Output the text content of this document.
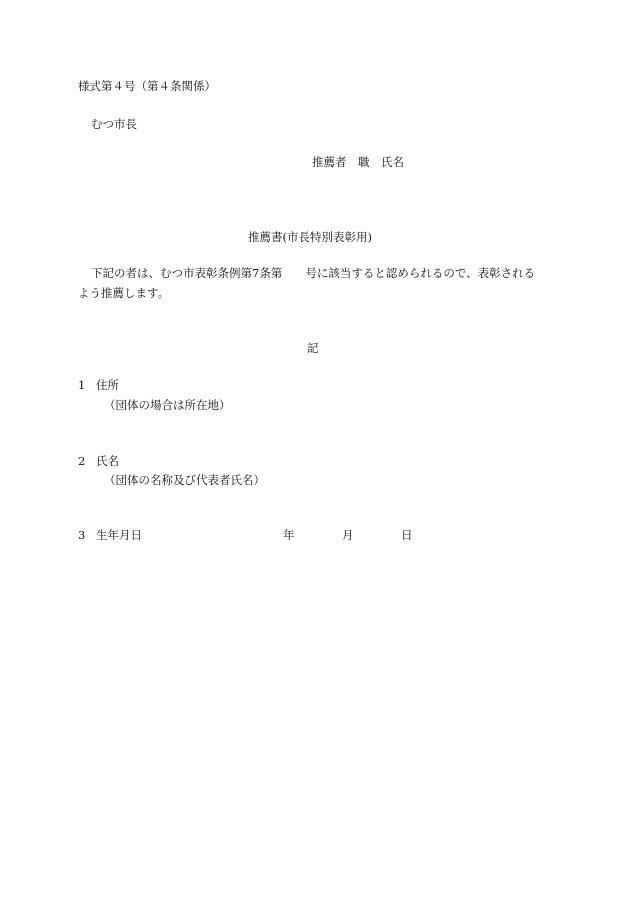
様式第４号（第４条関係）
むつ市長
推薦者　職　氏名
推薦書(市長特別表彰用)
下記の者は、むつ市表彰条例第7条第　　号に該当すると認められるので、表彰される
よう推薦します。
記
1 住所
（団体の場合は所在地）
2 氏名
（団体の名称及び代表者氏名）
3 生年月日	年	月	日
